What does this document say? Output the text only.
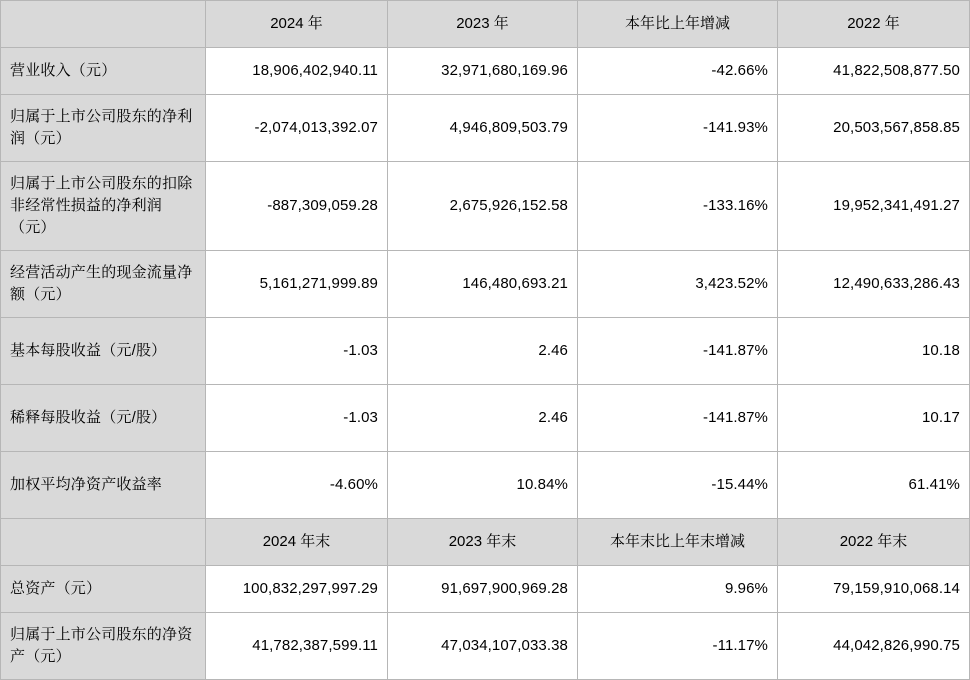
	2024 年	2023 年	本年比上年增减	2022 年
营业收入（元）	18,906,402,940.11	32,971,680,169.96	-42.66%	41,822,508,877.50
归属于上市公司股东的净利润（元）	-2,074,013,392.07	4,946,809,503.79	-141.93%	20,503,567,858.85
归属于上市公司股东的扣除非经常性损益的净利润（元）	-887,309,059.28	2,675,926,152.58	-133.16%	19,952,341,491.27
经营活动产生的现金流量净额（元）	5,161,271,999.89	146,480,693.21	3,423.52%	12,490,633,286.43
基本每股收益（元/股）	-1.03	2.46	-141.87%	10.18
稀释每股收益（元/股）	-1.03	2.46	-141.87%	10.17
加权平均净资产收益率	-4.60%	10.84%	-15.44%	61.41%
	2024 年末	2023 年末	本年末比上年末增减	2022 年末
总资产（元）	100,832,297,997.29	91,697,900,969.28	9.96%	79,159,910,068.14
归属于上市公司股东的净资产（元）	41,782,387,599.11	47,034,107,033.38	-11.17%	44,042,826,990.75
